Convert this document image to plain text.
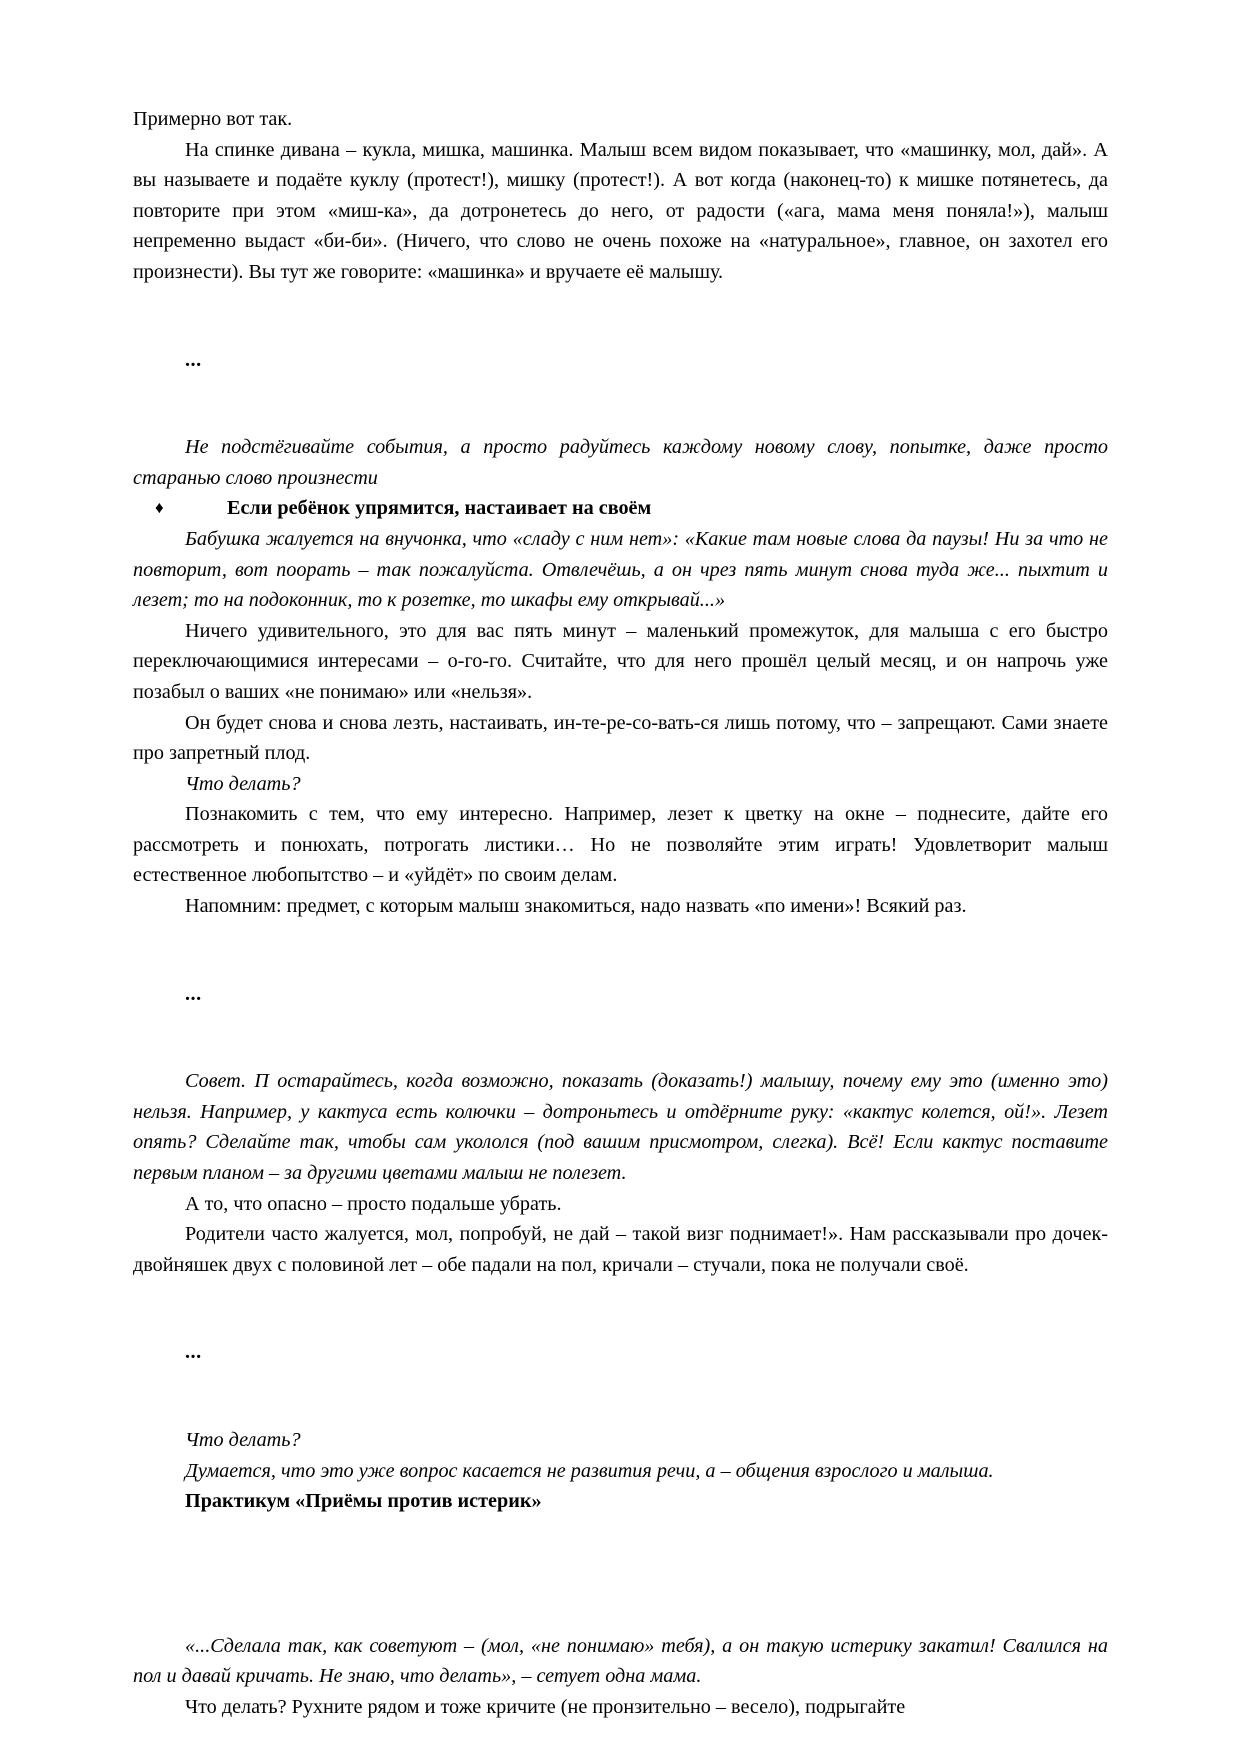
Примерно вот так.

На спинке дивана – кукла, мишка, машинка. Малыш всем видом показывает, что «машинку, мол, дай». А вы называете и подаёте куклу (протест!), мишку (протест!). А вот когда (наконец-то) к мишке потянетесь, да повторите при этом «миш-ка», да дотронетесь до него, от радости («ага, мама меня поняла!»), малыш непременно выдаст «би-би». (Ничего, что слово не очень похоже на «натуральное», главное, он захотел его произнести). Вы тут же говорите: «машинка» и вручаете её малышу.

...

Не подстёгивайте события, а просто радуйтесь каждому новому слову, попытке, даже просто старанью слово произнести

♦	Если ребёнок упрямится, настаивает на своём

Бабушка жалуется на внучонка, что «сладу с ним нет»: «Какие там новые слова да паузы! Ни за что не повторит, вот поорать – так пожалуйста. Отвлечёшь, а он чрез пять минут снова туда же... пыхтит и лезет; то на подоконник, то к розетке, то шкафы ему открывай...»

Ничего удивительного, это для вас пять минут – маленький промежуток, для малыша с его быстро переключающимися интересами – о-го-го. Считайте, что для него прошёл целый месяц, и он напрочь уже позабыл о ваших «не понимаю» или «нельзя».

Он будет снова и снова лезть, настаивать, ин-те-ре-со-вать-ся лишь потому, что – запрещают. Сами знаете про запретный плод.

Что делать?

Познакомить с тем, что ему интересно. Например, лезет к цветку на окне – поднесите, дайте его рассмотреть и понюхать, потрогать листики… Но не позволяйте этим играть! Удовлетворит малыш естественное любопытство – и «уйдёт» по своим делам.

Напомним: предмет, с которым малыш знакомиться, надо назвать «по имени»! Всякий раз.

...

Совет. П остарайтесь, когда возможно, показать (доказать!) малышу, почему ему это (именно это) нельзя. Например, у кактуса есть колючки – дотроньтесь и отдёрните руку: «кактус колется, ой!». Лезет опять? Сделайте так, чтобы сам укололся (под вашим присмотром, слегка). Всё! Если кактус поставите первым планом – за другими цветами малыш не полезет.

А то, что опасно – просто подальше убрать.

Родители часто жалуется, мол, попробуй, не дай – такой визг поднимает!». Нам рассказывали про дочек-двойняшек двух с половиной лет – обе падали на пол, кричали – стучали, пока не получали своё.

...

Что делать?

Думается, что это уже вопрос касается не развития речи, а – общения взрослого и малыша.

Практикум «Приёмы против истерик»

«...Сделала так, как советуют – (мол, «не понимаю» тебя), а он такую истерику закатил! Свалился на пол и давай кричать. Не знаю, что делать», – сетует одна мама.

Что делать? Рухните рядом и тоже кричите (не пронзительно – весело), подрыгайте
